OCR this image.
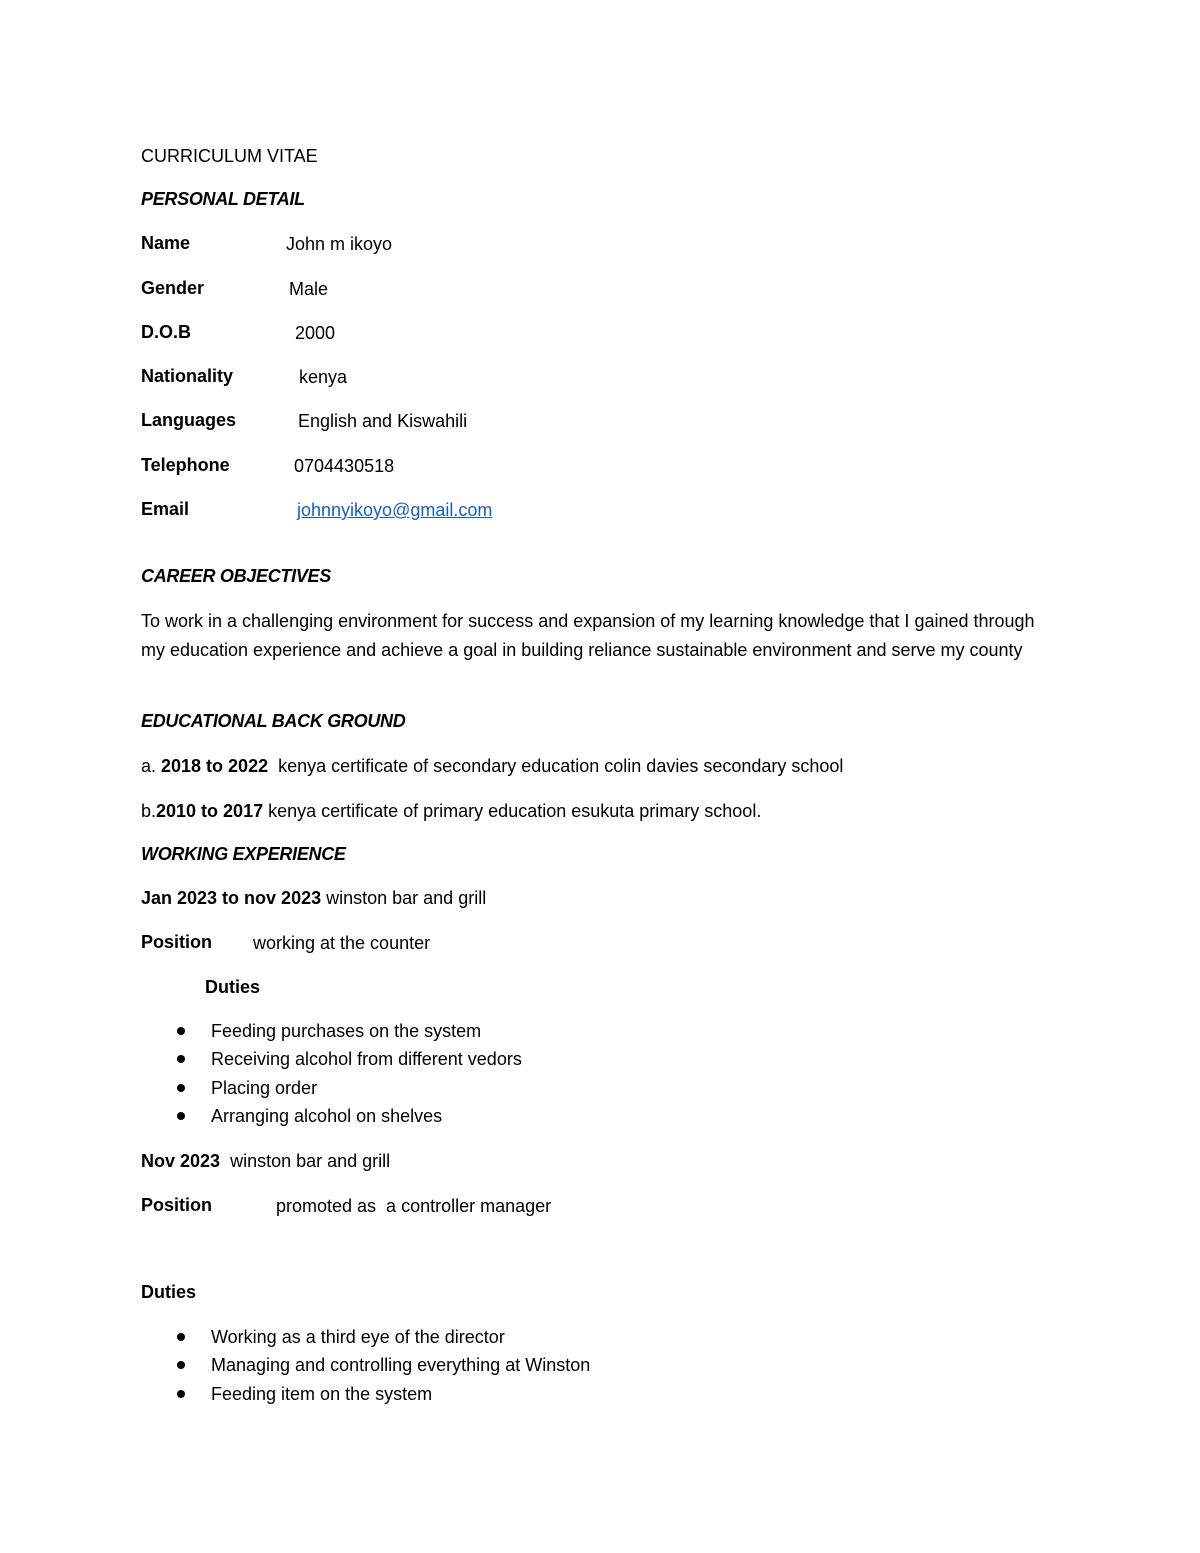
CURRICULUM VITAE
PERSONAL DETAIL
Name	John m ikoyo
Gender	Male
D.O.B	2000
Nationality	kenya
Languages	English and Kiswahili
Telephone	0704430518
Email	johnnyikoyo@gmail.com
CAREER OBJECTIVES
To work in a challenging environment for success and expansion of my learning knowledge that I gained through my education experience and achieve a goal in building reliance sustainable environment and serve my county
EDUCATIONAL BACK GROUND
a. 2018 to 2022  kenya certificate of secondary education colin davies secondary school
b.2010 to 2017 kenya certificate of primary education esukuta primary school.
WORKING EXPERIENCE
Jan 2023 to nov 2023 winston bar and grill
Position working at the counter
Duties
Feeding purchases on the system
Receiving alcohol from different vedors
Placing order
Arranging alcohol on shelves
Nov 2023  winston bar and grill
Position	promoted as  a controller manager
Duties
Working as a third eye of the director
Managing and controlling everything at Winston
Feeding item on the system
